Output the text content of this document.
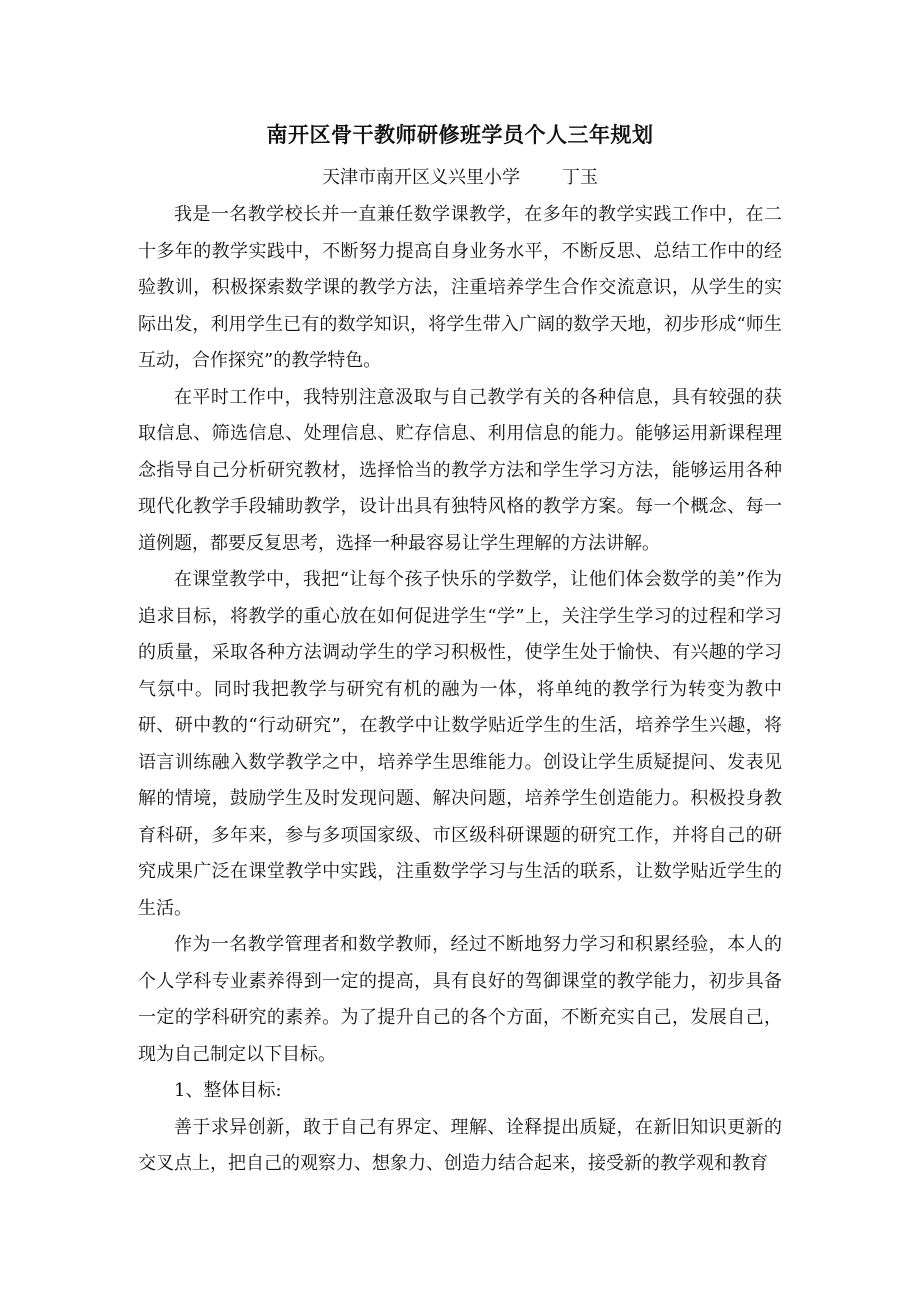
南开区骨干教师研修班学员个人三年规划
天津市南开区义兴里小学 丁玉

我是一名教学校长并一直兼任数学课教学，在多年的教学实践工作中，在二十多年的教学实践中，不断努力提高自身业务水平，不断反思、总结工作中的经验教训，积极探索数学课的教学方法，注重培养学生合作交流意识，从学生的实际出发，利用学生已有的数学知识，将学生带入广阔的数学天地，初步形成“师生互动，合作探究”的教学特色。

在平时工作中，我特别注意汲取与自己教学有关的各种信息，具有较强的获取信息、筛选信息、处理信息、贮存信息、利用信息的能力。能够运用新课程理念指导自己分析研究教材，选择恰当的教学方法和学生学习方法，能够运用各种现代化教学手段辅助教学，设计出具有独特风格的教学方案。每一个概念、每一道例题，都要反复思考，选择一种最容易让学生理解的方法讲解。

在课堂教学中，我把“让每个孩子快乐的学数学，让他们体会数学的美”作为追求目标，将教学的重心放在如何促进学生“学”上，关注学生学习的过程和学习的质量，采取各种方法调动学生的学习积极性，使学生处于愉快、有兴趣的学习气氛中。同时我把教学与研究有机的融为一体，将单纯的教学行为转变为教中研、研中教的“行动研究”，在教学中让数学贴近学生的生活，培养学生兴趣，将语言训练融入数学教学之中，培养学生思维能力。创设让学生质疑提问、发表见解的情境，鼓励学生及时发现问题、解决问题，培养学生创造能力。积极投身教育科研，多年来，参与多项国家级、市区级科研课题的研究工作，并将自己的研究成果广泛在课堂教学中实践，注重数学学习与生活的联系，让数学贴近学生的生活。

作为一名教学管理者和数学教师，经过不断地努力学习和积累经验，本人的个人学科专业素养得到一定的提高，具有良好的驾御课堂的教学能力，初步具备一定的学科研究的素养。为了提升自己的各个方面，不断充实自己，发展自己，现为自己制定以下目标。

1、整体目标:

善于求异创新，敢于自己有界定、理解、诠释提出质疑，在新旧知识更新的交叉点上，把自己的观察力、想象力、创造力结合起来，接受新的教学观和教育
